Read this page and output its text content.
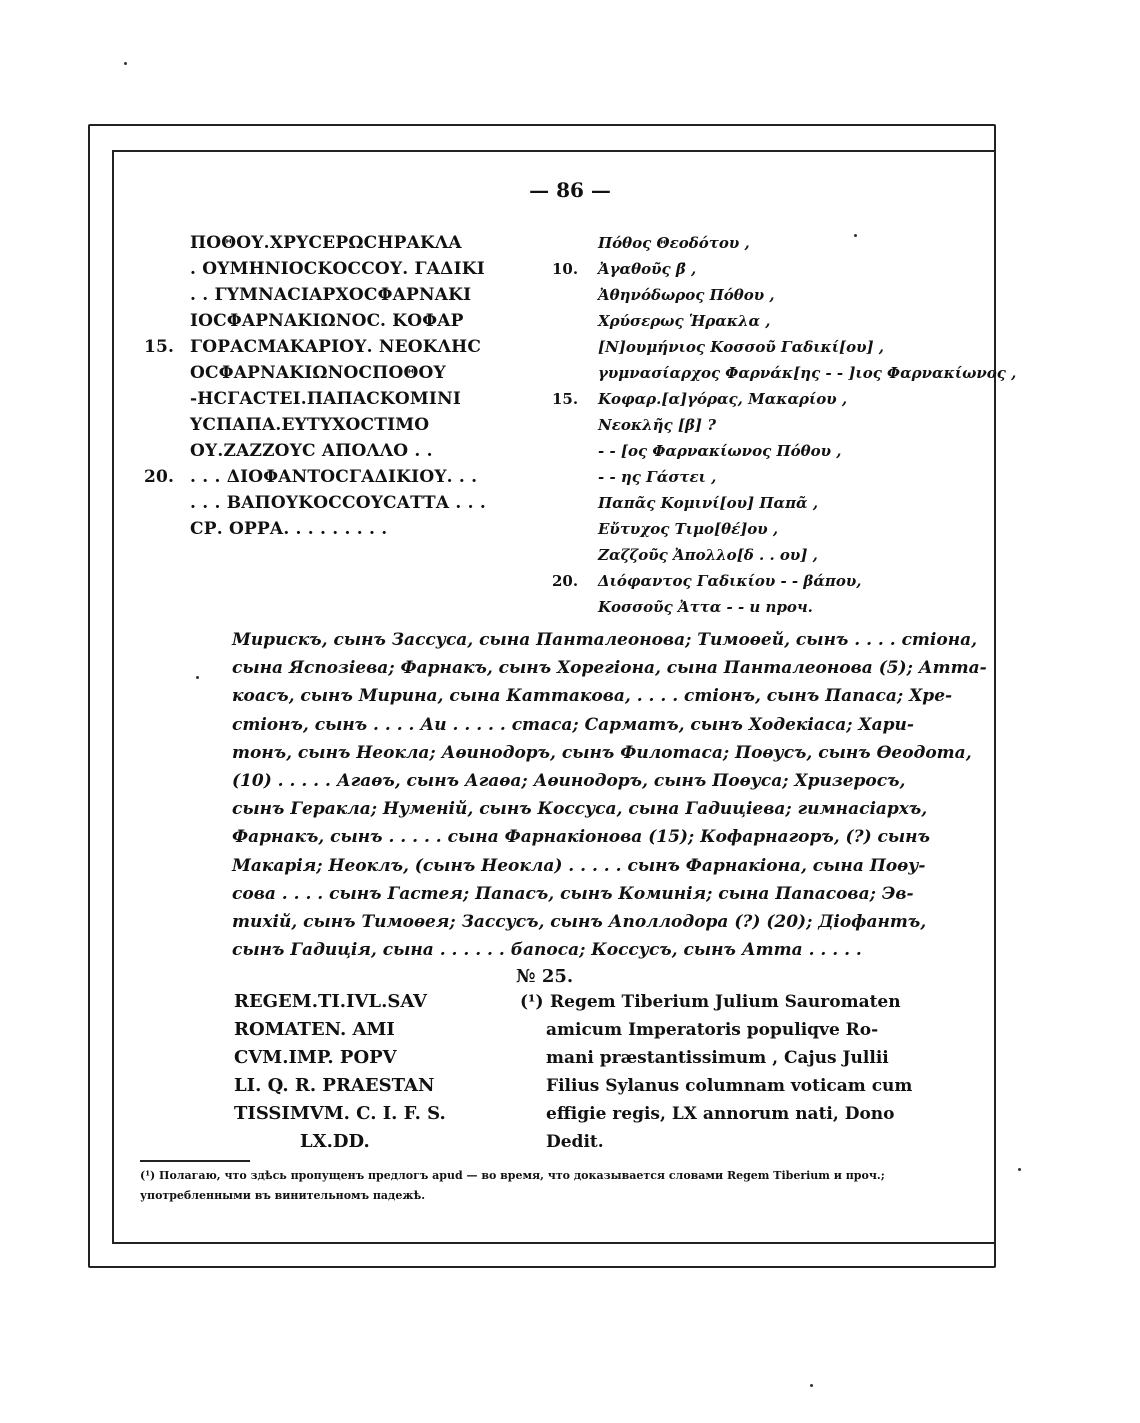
— 86 —
ΠΟΘΟΥ.ΧΡΥCΕΡΩCΗΡΑΚΛΑ
. ΟΥΜΗΝΙΟCΚΟCCΟΥ. ΓΑΔΙΚΙ
. . ΓΥΜΝΑCΙΑΡΧΟCΦΑΡΝΑΚΙ
ΙΟCΦΑΡΝΑΚΙΩΝΟC. ΚΟΦΑΡ
15. ΓΟΡΑCΜΑΚΑΡΙΟΥ. ΝΕΟΚΛΗC
ΟCΦΑΡΝΑΚΙΩΝΟCΠΟΘΟΥ
-ΗCΓΑCΤΕΙ.ΠΑΠΑCΚΟΜΙΝΙ
ΥCΠΑΠΑ.ΕΥΤΥΧΟCΤΙΜΟ
ΟΥ.ΖΑΖΖΟΥC ΑΠΟΛΛΟ . .
20. . . . ΔΙΟΦΑΝΤΟCΓΑΔΙΚΙΟΥ. . .
. . . ΒΑΠΟΥΚΟCCΟΥCΑΤΤΑ . . .
CΡ. ΟΡΡΑ. . . . . . . . .
Πόθος Θεοδότου ,
10.	Ἀγαθοῦς β̄ ,
Ἀθηνόδωρος Πόθου ,
Χρύσερως Ἡρακλα ,
[Ν]ουμήνιος Κοσσοῦ Γαδικί[ου] ,
γυμνασίαρχος Φαρνάκ[ης - - ]ιος Φαρνακίωνος ,
15.	Κοφαρ.[α]γόρας, Μακαρίου ,
Νεοκλῆς [β] ?
- - [ος Φαρνακίωνος Πόθου ,
- - ης Γάστει ,
Παπᾶς Κομινί[ου] Παπᾶ ,
Εὔτυχος Τιμο[θέ]ου ,
Ζαζζοῦς Ἀπολλο[δ . . ου] ,
20.	Διόφαντος Γαδικίου - - βάπου,
Κοσσοῦς Ἀττα - - и проч.
Мирискъ, сынъ Зассуса, сына Панталеонова; Тимоѳей, сынъ . . . . стіона,
сына Яспозіева; Фарнакъ, сынъ Хорегіона, сына Панталеонова (5); Атта-
коасъ, сынъ Мирина, сына Каттакова, . . . . стіонъ, сынъ Папаса; Хре-
стіонъ, сынъ . . . . Аи . . . . . стаса; Сарматъ, сынъ Ходекіаса; Хари-
тонъ, сынъ Неокла; Аѳинодоръ, сынъ Филотаса; Поѳусъ, сынъ Ѳеодота,
(10) . . . . . Агаѳъ, сынъ Агаѳа; Аѳинодоръ, сынъ Поѳуса; Хризеросъ,
сынъ Геракла; Нуменій, сынъ Коссуса, сына Гадиціева; гимнасіархъ,
Фарнакъ, сынъ . . . . . сына Фарнакіонова (15); Кофарнагоръ, (?) сынъ
Макарія; Неоклъ, (сынъ Неокла) . . . . . сынъ Фарнакіона, сына Поѳу-
сова . . . . сынъ Гастея; Папасъ, сынъ Коминія; сына Папасова; Эв-
тихій, сынъ Тимоѳея; Зассусъ, сынъ Аполлодора (?) (20); Діофантъ,
сынъ Гадиція, сына . . . . . . бапоса; Коссусъ, сынъ Атта . . . . .
№ 25.
REGEM.TI.IVL.SAV
ROMATEN. AMI
CVM.IMP. POPV
LI. Q. R. PRAESTAN
TISSIMVM. C. I. F. S.
LX.DD.
(¹) Regem Tiberium Julium Sauromaten
amicum Imperatoris populiqve Ro-
mani præstantissimum , Cajus Jullii
Filius Sylanus columnam voticam cum
effigie regis, LX annorum nati, Dono
Dedit.
(¹) Полагаю, что здѣсь пропущенъ предлогъ apud — во время, что доказывается словами Regem Tiberium и проч.;
употребленными въ винительномъ падежѣ.
